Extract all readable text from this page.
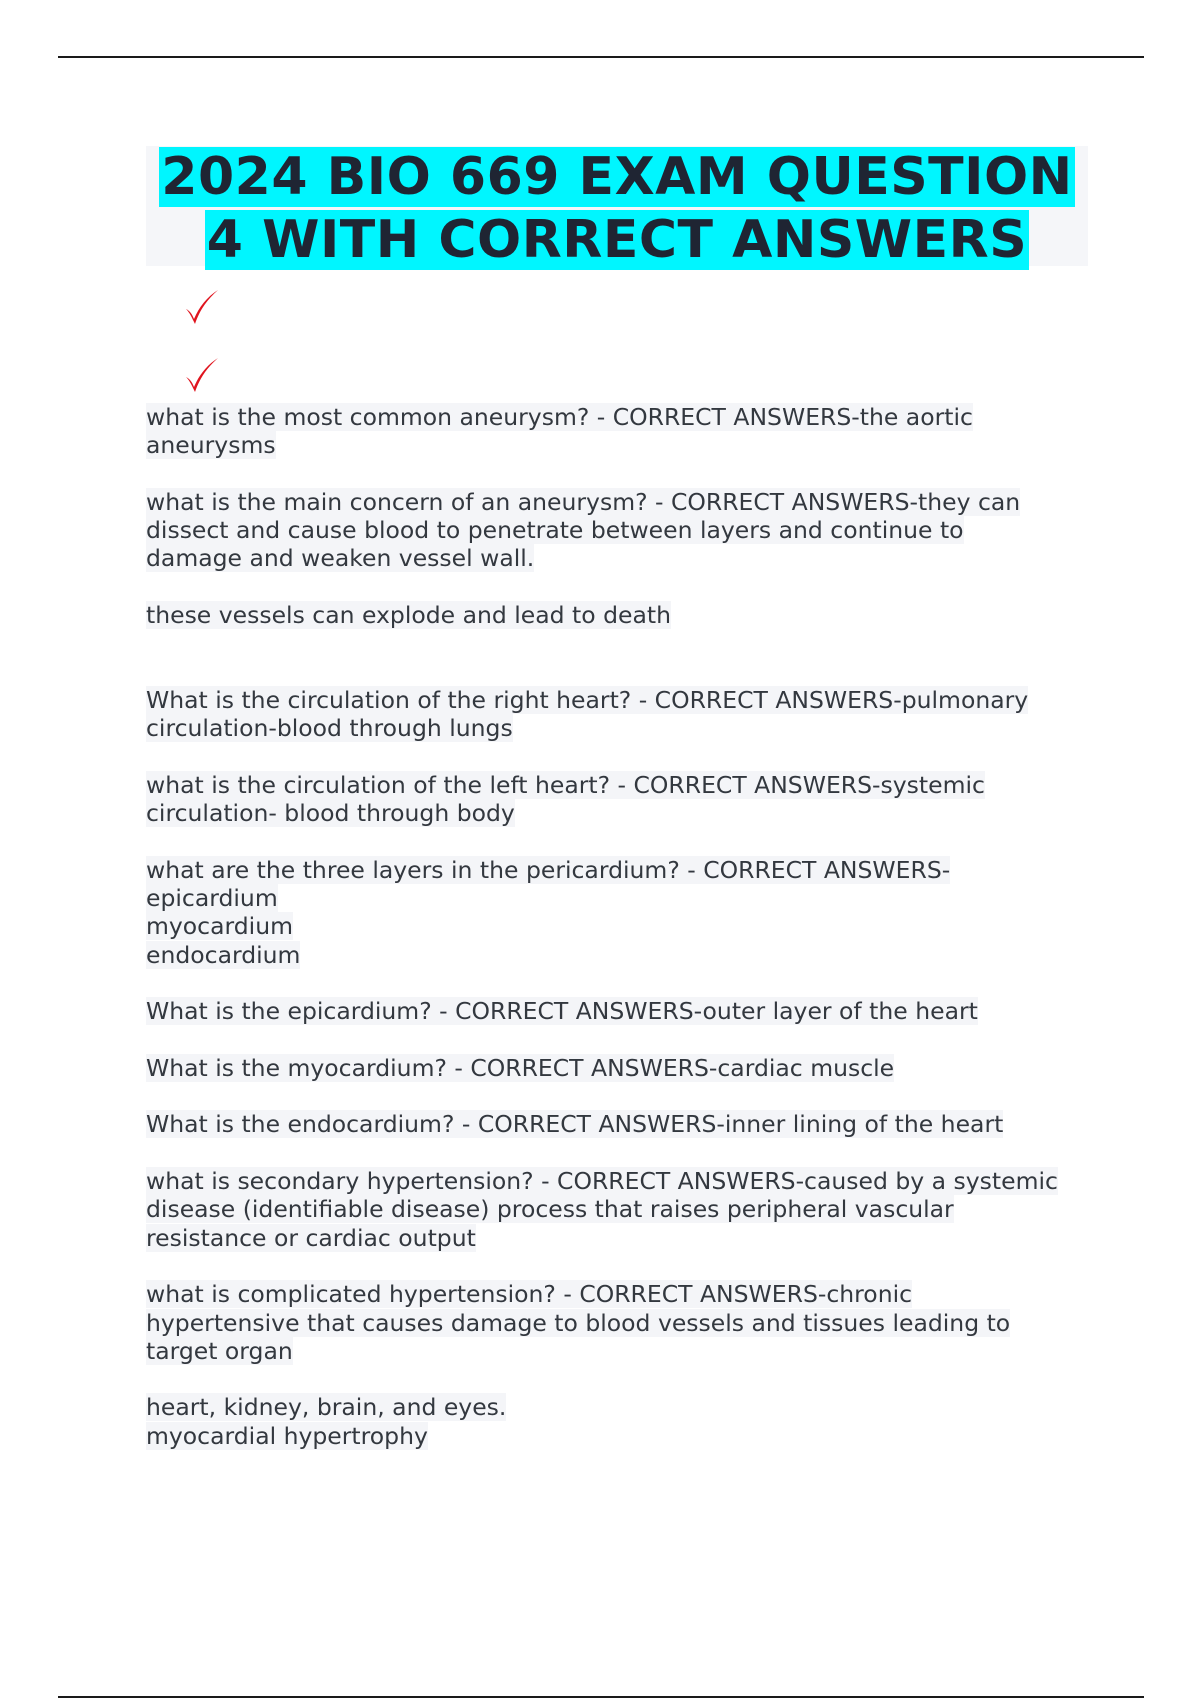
2024 BIO 669 EXAM QUESTION
4 WITH CORRECT ANSWERS

what is the most common aneurysm? - CORRECT ANSWERS-the aortic
aneurysms

what is the main concern of an aneurysm? - CORRECT ANSWERS-they can
dissect and cause blood to penetrate between layers and continue to
damage and weaken vessel wall.

these vessels can explode and lead to death

What is the circulation of the right heart? - CORRECT ANSWERS-pulmonary
circulation-blood through lungs

what is the circulation of the left heart? - CORRECT ANSWERS-systemic
circulation- blood through body

what are the three layers in the pericardium? - CORRECT ANSWERS-
epicardium
myocardium
endocardium

What is the epicardium? - CORRECT ANSWERS-outer layer of the heart

What is the myocardium? - CORRECT ANSWERS-cardiac muscle

What is the endocardium? - CORRECT ANSWERS-inner lining of the heart

what is secondary hypertension? - CORRECT ANSWERS-caused by a systemic
disease (identifiable disease) process that raises peripheral vascular
resistance or cardiac output

what is complicated hypertension? - CORRECT ANSWERS-chronic
hypertensive that causes damage to blood vessels and tissues leading to
target organ

heart, kidney, brain, and eyes.
myocardial hypertrophy
